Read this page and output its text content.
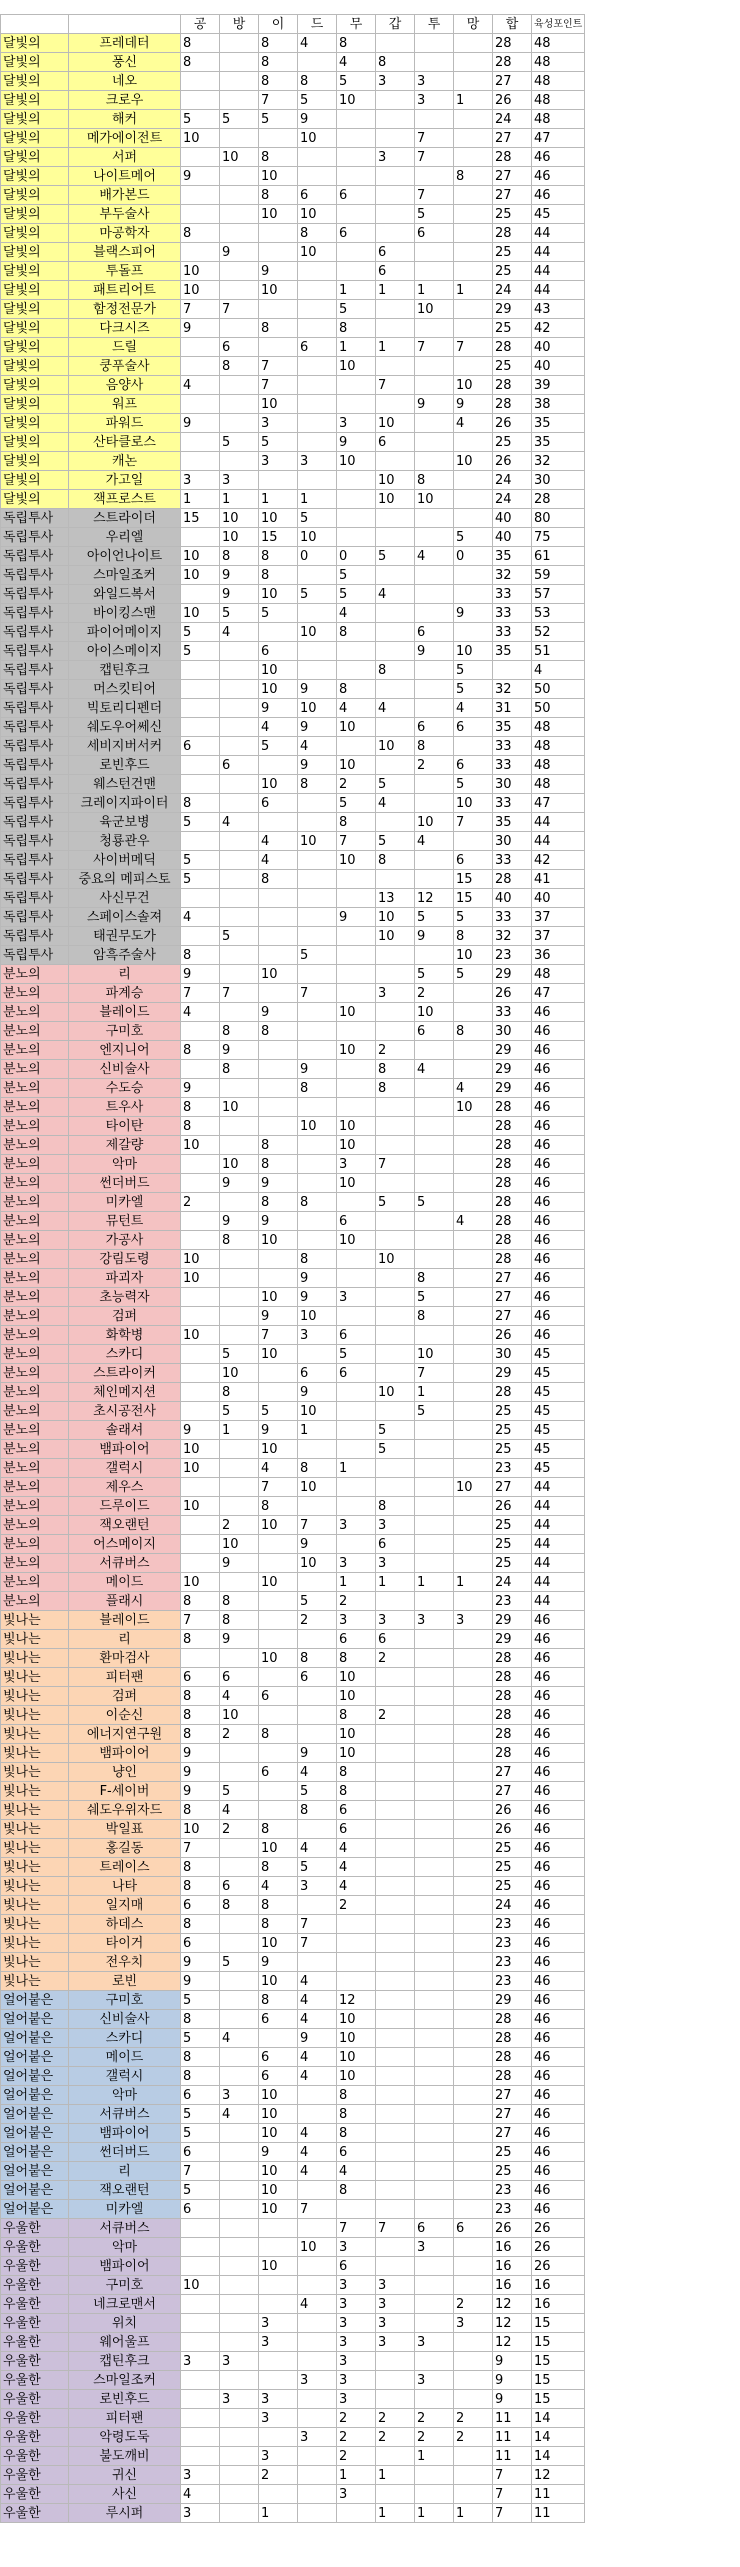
		공	방	이	드	무	갑	투	망	합	육성포인트
달빛의	프레데터	8		8	4	8				28	48
달빛의	풍신	8		8		4	8			28	48
달빛의	네오			8	8	5	3	3		27	48
달빛의	크로우			7	5	10		3	1	26	48
달빛의	해커	5	5	5	9					24	48
달빛의	메가에이전트	10			10			7		27	47
달빛의	서퍼		10	8			3	7		28	46
달빛의	나이트메어	9		10					8	27	46
달빛의	배가본드			8	6	6		7		27	46
달빛의	부두술사			10	10			5		25	45
달빛의	마공학자	8			8	6		6		28	44
달빛의	블랙스피어		9		10		6			25	44
달빛의	투돌프	10		9			6			25	44
달빛의	패트리어트	10		10		1	1	1	1	24	44
달빛의	함정전문가	7	7			5		10		29	43
달빛의	다크시즈	9		8		8				25	42
달빛의	드릴		6		6	1	1	7	7	28	40
달빛의	쿵푸술사		8	7		10				25	40
달빛의	음양사	4		7			7		10	28	39
달빛의	워프			10				9	9	28	38
달빛의	파워드	9		3		3	10		4	26	35
달빛의	산타클로스		5	5		9	6			25	35
달빛의	캐논			3	3	10			10	26	32
달빛의	가고일	3	3				10	8		24	30
달빛의	잭프로스트	1	1	1	1		10	10		24	28
독립투사	스트라이더	15	10	10	5					40	80
독립투사	우리엘		10	15	10				5	40	75
독립투사	아이언나이트	10	8	8	0	0	5	4	0	35	61
독립투사	스마일조커	10	9	8		5				32	59
독립투사	와일드복서		9	10	5	5	4			33	57
독립투사	바이킹스맨	10	5	5		4			9	33	53
독립투사	파이어메이지	5	4		10	8		6		33	52
독립투사	아이스메이지	5		6				9	10	35	51
독립투사	캡틴후크			10			8		5		4
독립투사	머스킷티어			10	9	8			5	32	50
독립투사	빅토리디펜더			9	10	4	4		4	31	50
독립투사	쉐도우어쎄신			4	9	10		6	6	35	48
독립투사	세비지버서커	6		5	4		10	8		33	48
독립투사	로빈후드		6		9	10		2	6	33	48
독립투사	웨스턴건맨			10	8	2	5		5	30	48
독립투사	크레이지파이터	8		6		5	4		10	33	47
독립투사	육군보병	5	4			8		10	7	35	44
독립투사	청룡관우			4	10	7	5	4		30	44
독립투사	사이버메딕	5		4		10	8		6	33	42
독립투사	중요의 메피스토	5		8					15	28	41
독립투사	사신무건						13	12	15	40	40
독립투사	스페이스솔져	4				9	10	5	5	33	37
독립투사	태권무도가		5				10	9	8	32	37
독립투사	암흑주술사	8			5				10	23	36
분노의	리	9		10				5	5	29	48
분노의	파계승	7	7		7		3	2		26	47
분노의	블레이드	4		9		10		10		33	46
분노의	구미호		8	8				6	8	30	46
분노의	엔지니어	8	9			10	2			29	46
분노의	신비술사		8		9		8	4		29	46
분노의	수도승	9			8		8		4	29	46
분노의	트우사	8	10						10	28	46
분노의	타이탄	8			10	10				28	46
분노의	제갈량	10		8		10				28	46
분노의	악마		10	8		3	7			28	46
분노의	썬더버드		9	9		10				28	46
분노의	미카엘	2		8	8		5	5		28	46
분노의	뮤턴트		9	9		6			4	28	46
분노의	가공사		8	10		10				28	46
분노의	강림도령	10			8		10			28	46
분노의	파괴자	10			9			8		27	46
분노의	초능력자			10	9	3		5		27	46
분노의	검퍼			9	10			8		27	46
분노의	화학병	10		7	3	6				26	46
분노의	스카디		5	10		5		10		30	45
분노의	스트라이커		10		6	6		7		29	45
분노의	체인메지션		8		9		10	1		28	45
분노의	초시공전사		5	5	10			5		25	45
분노의	솔래셔	9	1	9	1		5			25	45
분노의	뱀파이어	10		10			5			25	45
분노의	갤럭시	10		4	8	1				23	45
분노의	제우스			7	10				10	27	44
분노의	드루이드	10		8			8			26	44
분노의	잭오랜턴		2	10	7	3	3			25	44
분노의	어스메이지		10		9		6			25	44
분노의	서큐버스		9		10	3	3			25	44
분노의	메이드	10		10		1	1	1	1	24	44
분노의	플래시	8	8		5	2				23	44
빛나는	블레이드	7	8		2	3	3	3	3	29	46
빛나는	리	8	9			6	6			29	46
빛나는	환마검사			10	8	8	2			28	46
빛나는	피터팬	6	6		6	10				28	46
빛나는	검퍼	8	4	6		10				28	46
빛나는	이순신	8	10			8	2			28	46
빛나는	에너지연구원	8	2	8		10				28	46
빛나는	뱀파이어	9			9	10				28	46
빛나는	냥인	9		6	4	8				27	46
빛나는	F-세이버	9	5		5	8				27	46
빛나는	쉐도우위자드	8	4		8	6				26	46
빛나는	박일표	10	2	8		6				26	46
빛나는	홍길동	7		10	4	4				25	46
빛나는	트레이스	8		8	5	4				25	46
빛나는	나타	8	6	4	3	4				25	46
빛나는	일지매	6	8	8		2				24	46
빛나는	하데스	8		8	7					23	46
빛나는	타이거	6		10	7					23	46
빛나는	전우치	9	5	9						23	46
빛나는	로빈	9		10	4					23	46
얼어붙은	구미호	5		8	4	12				29	46
얼어붙은	신비술사	8		6	4	10				28	46
얼어붙은	스카디	5	4		9	10				28	46
얼어붙은	메이드	8		6	4	10				28	46
얼어붙은	갤럭시	8		6	4	10				28	46
얼어붙은	악마	6	3	10		8				27	46
얼어붙은	서큐버스	5	4	10		8				27	46
얼어붙은	뱀파이어	5		10	4	8				27	46
얼어붙은	썬더버드	6		9	4	6				25	46
얼어붙은	리	7		10	4	4				25	46
얼어붙은	잭오랜턴	5		10		8				23	46
얼어붙은	미카엘	6		10	7					23	46
우울한	서큐버스					7	7	6	6	26	26
우울한	악마				10	3		3		16	26
우울한	뱀파이어			10		6				16	26
우울한	구미호	10				3	3			16	16
우울한	네크로맨서				4	3	3		2	12	16
우울한	위치			3		3	3		3	12	15
우울한	웨어울프			3		3	3	3		12	15
우울한	캡틴후크	3	3			3				9	15
우울한	스마일조커				3	3		3		9	15
우울한	로빈후드		3	3		3				9	15
우울한	피터팬			3		2	2	2	2	11	14
우울한	악령도둑				3	2	2	2	2	11	14
우울한	불도깨비			3		2		1		11	14
우울한	귀신	3		2		1	1			7	12
우울한	사신	4				3				7	11
우울한	루시퍼	3		1			1	1	1	7	11
